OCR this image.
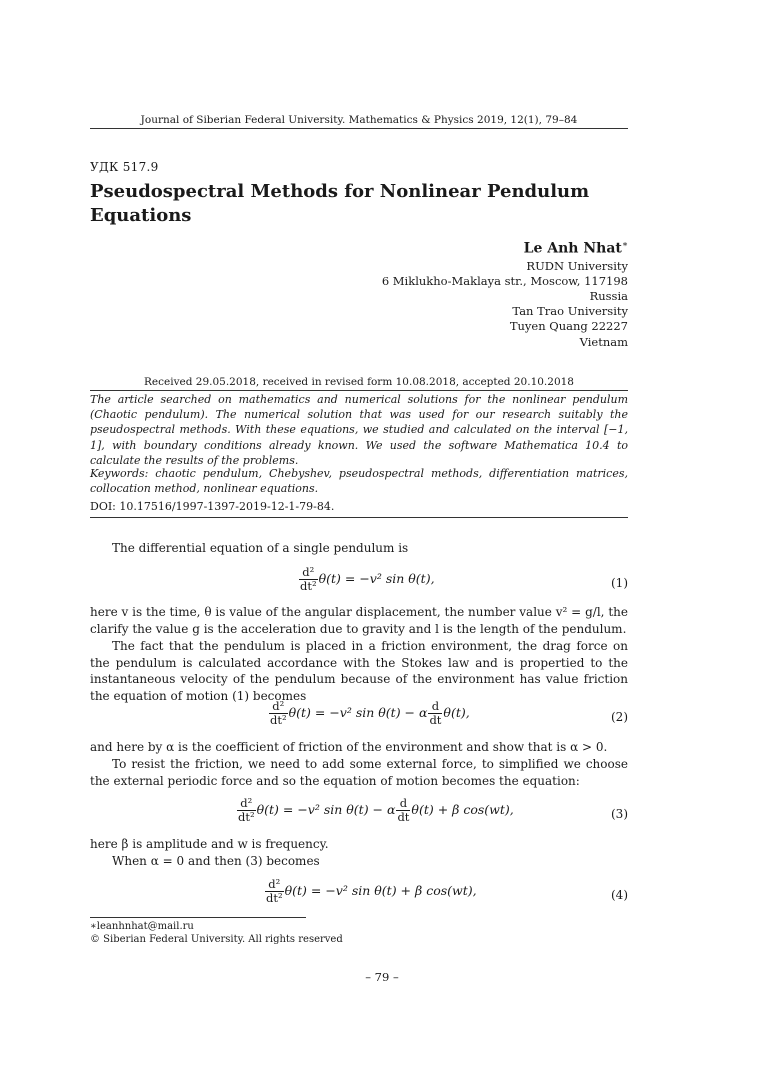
Journal of Siberian Federal University. Mathematics & Physics 2019, 12(1), 79–84
УДК 517.9
Pseudospectral Methods for Nonlinear Pendulum Equations
Le Anh Nhat∗
RUDN University
6 Miklukho-Maklaya str., Moscow, 117198
Russia
Tan Trao University
Tuyen Quang 22227
Vietnam
Received 29.05.2018, received in revised form 10.08.2018, accepted 20.10.2018
The article searched on mathematics and numerical solutions for the nonlinear pendulum (Chaotic pendulum). The numerical solution that was used for our research suitably the pseudospectral methods. With these equations, we studied and calculated on the interval [−1, 1], with boundary conditions already known. We used the software Mathematica 10.4 to calculate the results of the problems.
Keywords: chaotic pendulum, Chebyshev, pseudospectral methods, differentiation matrices, collocation method, nonlinear equations.
DOI: 10.17516/1997-1397-2019-12-1-79-84.
The differential equation of a single pendulum is
$\frac{\text{d²}}{\text{dt²}} \theta(t) = -v^2$ sin θ(t),	(1)
here v is the time, θ is value of the angular displacement, the number value v² = g/l, the clarify the value g is the acceleration due to gravity and l is the length of the pendulum.
The fact that the pendulum is placed in a friction environment, the drag force on the pendulum is calculated accordance with the Stokes law and is propertied to the instantaneous velocity of the pendulum because of the environment has value friction the equation of motion (1) becomes
$\frac{\text{d²}}{\text{dt²}} \theta(t) = -v^2$ sin θ(t) − α $\frac{d}{dt} \theta(t)$,	(2)
and here by α is the coefficient of friction of the environment and show that is α > 0.
To resist the friction, we need to add some external force, to simplified we choose the external periodic force and so the equation of motion becomes the equation:
$\frac{\text{d²}}{\text{dt²}} \theta(t) = -v^2$ sin θ(t) − α $\frac{d}{dt} \theta(t) + \beta$ cos(wt),	(3)
here β is amplitude and w is frequency.
When α = 0 and then (3) becomes
$\frac{\text{d²}}{\text{dt²}} \theta(t) = -v^2$ sin θ(t) + β cos(wt),	(4)
∗leanhnhat@mail.ru
© Siberian Federal University. All rights reserved
– 79 –
